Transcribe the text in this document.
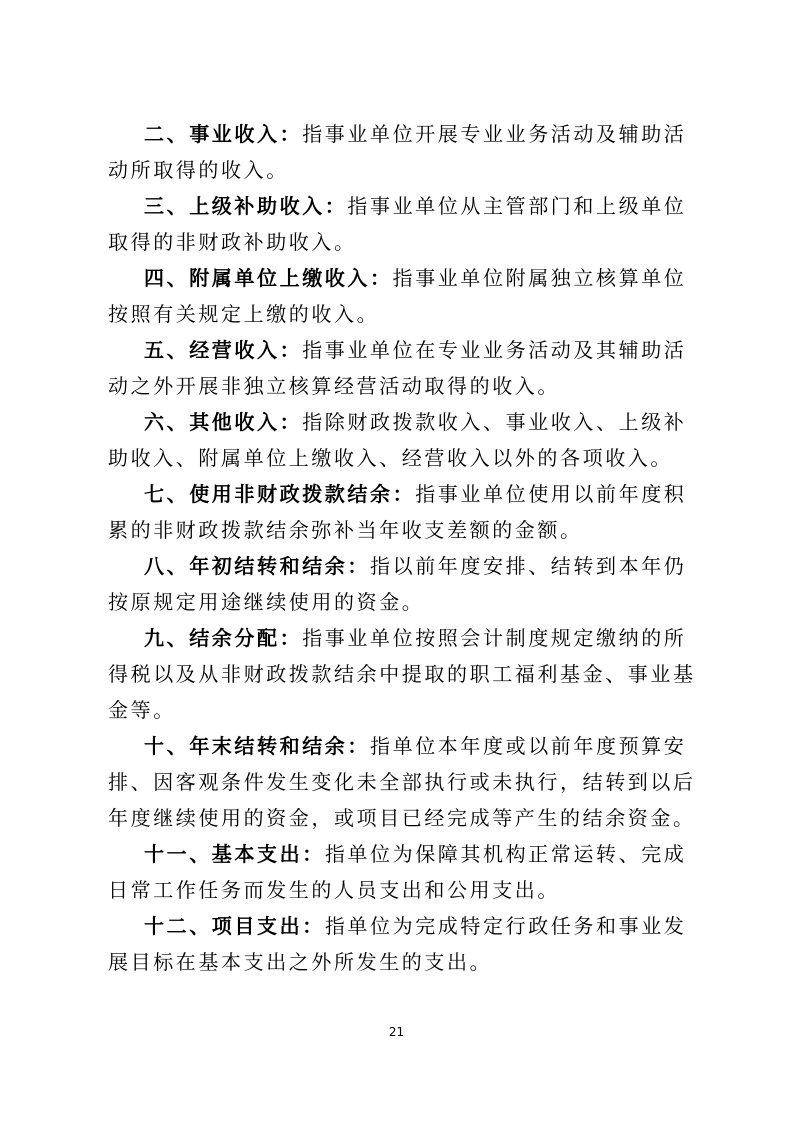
二、事业收入：指事业单位开展专业业务活动及辅助活动所取得的收入。

三、上级补助收入：指事业单位从主管部门和上级单位取得的非财政补助收入。

四、附属单位上缴收入：指事业单位附属独立核算单位按照有关规定上缴的收入。

五、经营收入：指事业单位在专业业务活动及其辅助活动之外开展非独立核算经营活动取得的收入。

六、其他收入：指除财政拨款收入、事业收入、上级补助收入、附属单位上缴收入、经营收入以外的各项收入。

七、使用非财政拨款结余：指事业单位使用以前年度积累的非财政拨款结余弥补当年收支差额的金额。

八、年初结转和结余：指以前年度安排、结转到本年仍按原规定用途继续使用的资金。

九、结余分配：指事业单位按照会计制度规定缴纳的所得税以及从非财政拨款结余中提取的职工福利基金、事业基金等。

十、年末结转和结余：指单位本年度或以前年度预算安排、因客观条件发生变化未全部执行或未执行，结转到以后年度继续使用的资金，或项目已经完成等产生的结余资金。

十一、基本支出：指单位为保障其机构正常运转、完成日常工作任务而发生的人员支出和公用支出。

十二、项目支出：指单位为完成特定行政任务和事业发展目标在基本支出之外所发生的支出。

21
